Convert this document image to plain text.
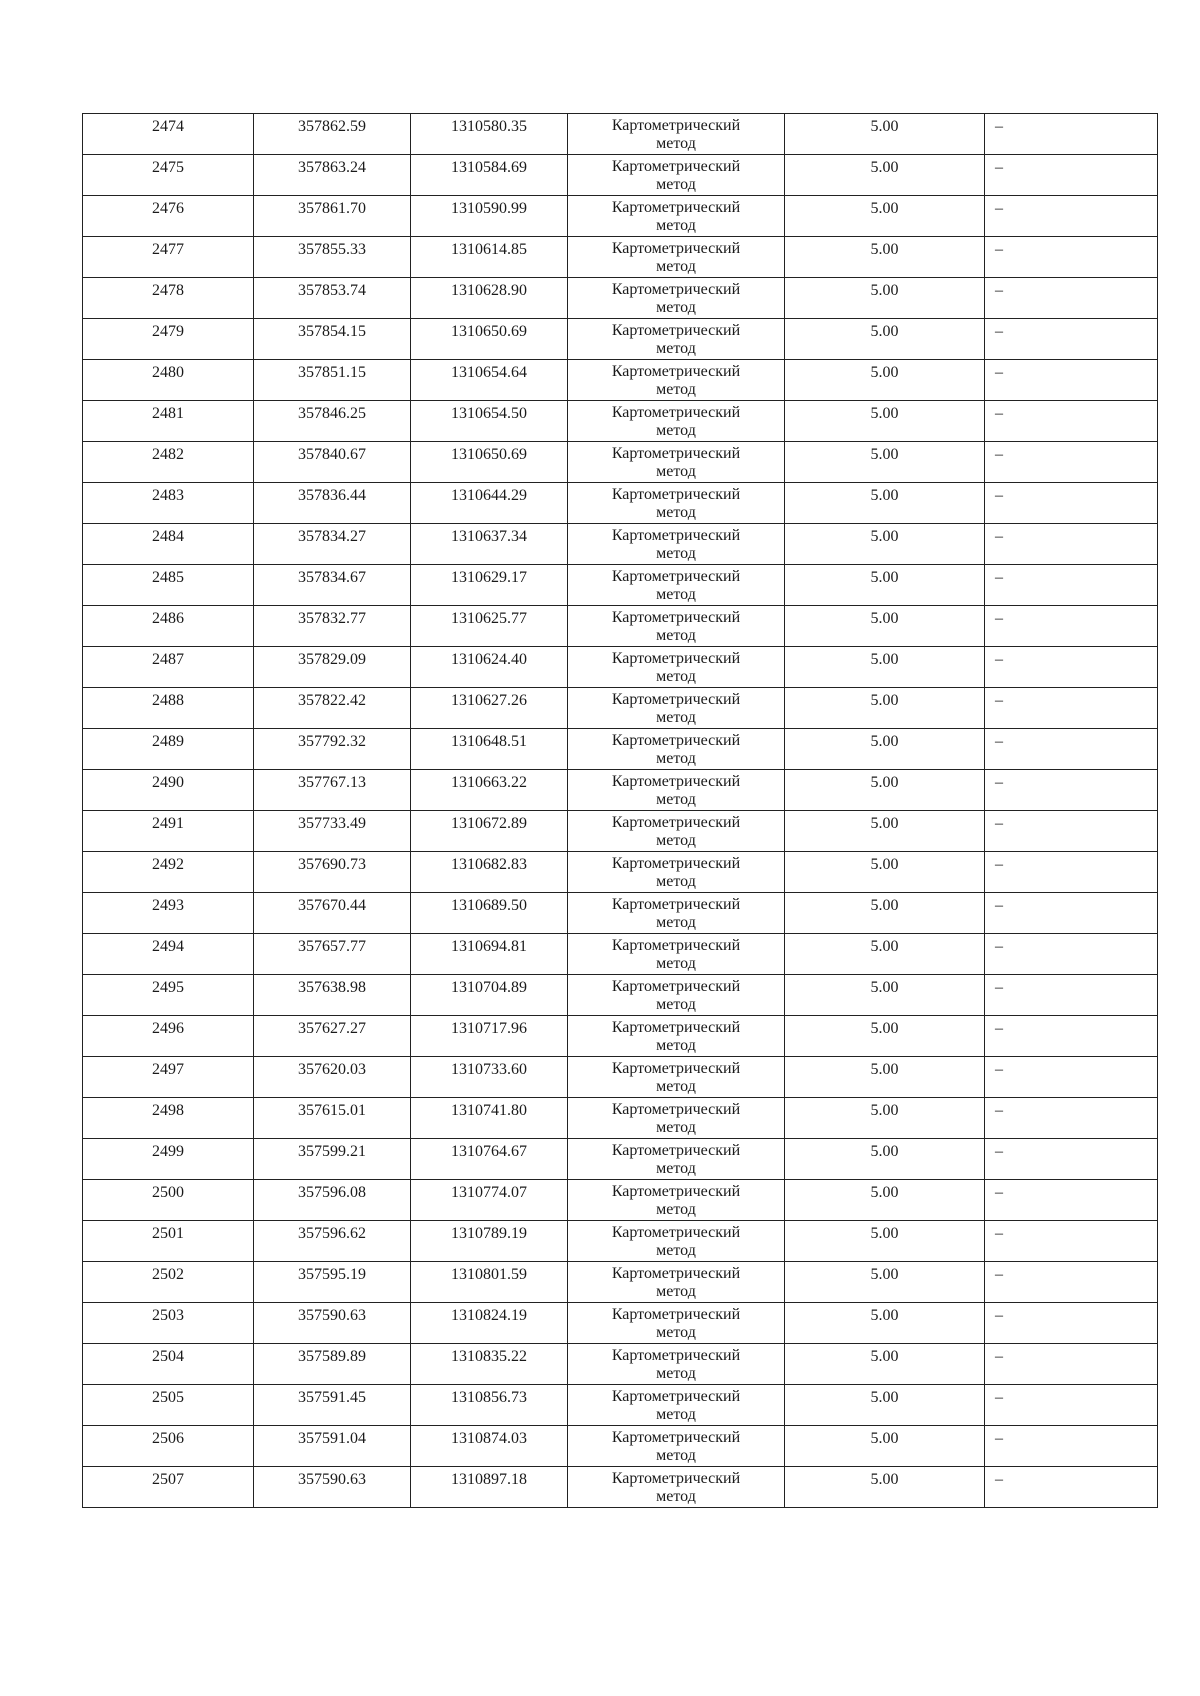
2474	357862.59	1310580.35	Картометрический
метод	5.00	–

2475	357863.24	1310584.69	Картометрический
метод	5.00	–

2476	357861.70	1310590.99	Картометрический
метод	5.00	–

2477	357855.33	1310614.85	Картометрический
метод	5.00	–

2478	357853.74	1310628.90	Картометрический
метод	5.00	–

2479	357854.15	1310650.69	Картометрический
метод	5.00	–

2480	357851.15	1310654.64	Картометрический
метод	5.00	–

2481	357846.25	1310654.50	Картометрический
метод	5.00	–

2482	357840.67	1310650.69	Картометрический
метод	5.00	–

2483	357836.44	1310644.29	Картометрический
метод	5.00	–

2484	357834.27	1310637.34	Картометрический
метод	5.00	–

2485	357834.67	1310629.17	Картометрический
метод	5.00	–

2486	357832.77	1310625.77	Картометрический
метод	5.00	–

2487	357829.09	1310624.40	Картометрический
метод	5.00	–

2488	357822.42	1310627.26	Картометрический
метод	5.00	–

2489	357792.32	1310648.51	Картометрический
метод	5.00	–

2490	357767.13	1310663.22	Картометрический
метод	5.00	–

2491	357733.49	1310672.89	Картометрический
метод	5.00	–

2492	357690.73	1310682.83	Картометрический
метод	5.00	–

2493	357670.44	1310689.50	Картометрический
метод	5.00	–

2494	357657.77	1310694.81	Картометрический
метод	5.00	–

2495	357638.98	1310704.89	Картометрический
метод	5.00	–

2496	357627.27	1310717.96	Картометрический
метод	5.00	–

2497	357620.03	1310733.60	Картометрический
метод	5.00	–

2498	357615.01	1310741.80	Картометрический
метод	5.00	–

2499	357599.21	1310764.67	Картометрический
метод	5.00	–

2500	357596.08	1310774.07	Картометрический
метод	5.00	–

2501	357596.62	1310789.19	Картометрический
метод	5.00	–

2502	357595.19	1310801.59	Картометрический
метод	5.00	–

2503	357590.63	1310824.19	Картометрический
метод	5.00	–

2504	357589.89	1310835.22	Картометрический
метод	5.00	–

2505	357591.45	1310856.73	Картометрический
метод	5.00	–

2506	357591.04	1310874.03	Картометрический
метод	5.00	–

2507	357590.63	1310897.18	Картометрический
метод	5.00	–
